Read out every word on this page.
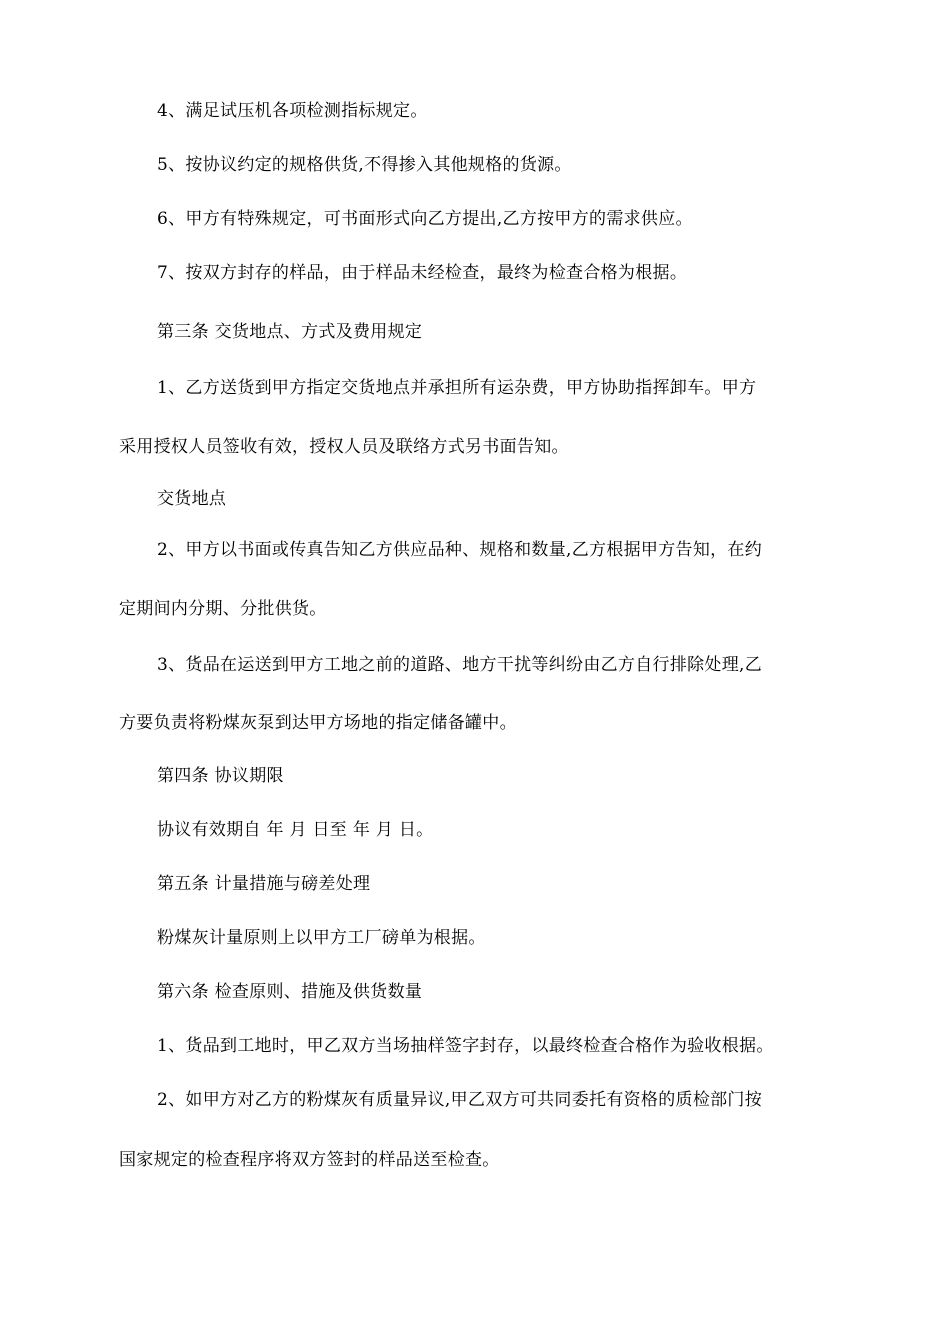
4、满足试压机各项检测指标规定。
5、按协议约定的规格供货,不得掺入其他规格的货源。
6、甲方有特殊规定，可书面形式向乙方提出,乙方按甲方的需求供应。
7、按双方封存的样品，由于样品未经检查，最终为检查合格为根据。
第三条 交货地点、方式及费用规定
1、乙方送货到甲方指定交货地点并承担所有运杂费，甲方协助指挥卸车。甲方
采用授权人员签收有效，授权人员及联络方式另书面告知。
交货地点
2、甲方以书面或传真告知乙方供应品种、规格和数量,乙方根据甲方告知，在约
定期间内分期、分批供货。
3、货品在运送到甲方工地之前的道路、地方干扰等纠纷由乙方自行排除处理,乙
方要负责将粉煤灰泵到达甲方场地的指定储备罐中。
第四条 协议期限
协议有效期自 年 月 日至 年 月 日。
第五条 计量措施与磅差处理
粉煤灰计量原则上以甲方工厂磅单为根据。
第六条 检查原则、措施及供货数量
1、货品到工地时，甲乙双方当场抽样签字封存，以最终检查合格作为验收根据。
2、如甲方对乙方的粉煤灰有质量异议,甲乙双方可共同委托有资格的质检部门按
国家规定的检查程序将双方签封的样品送至检查。
